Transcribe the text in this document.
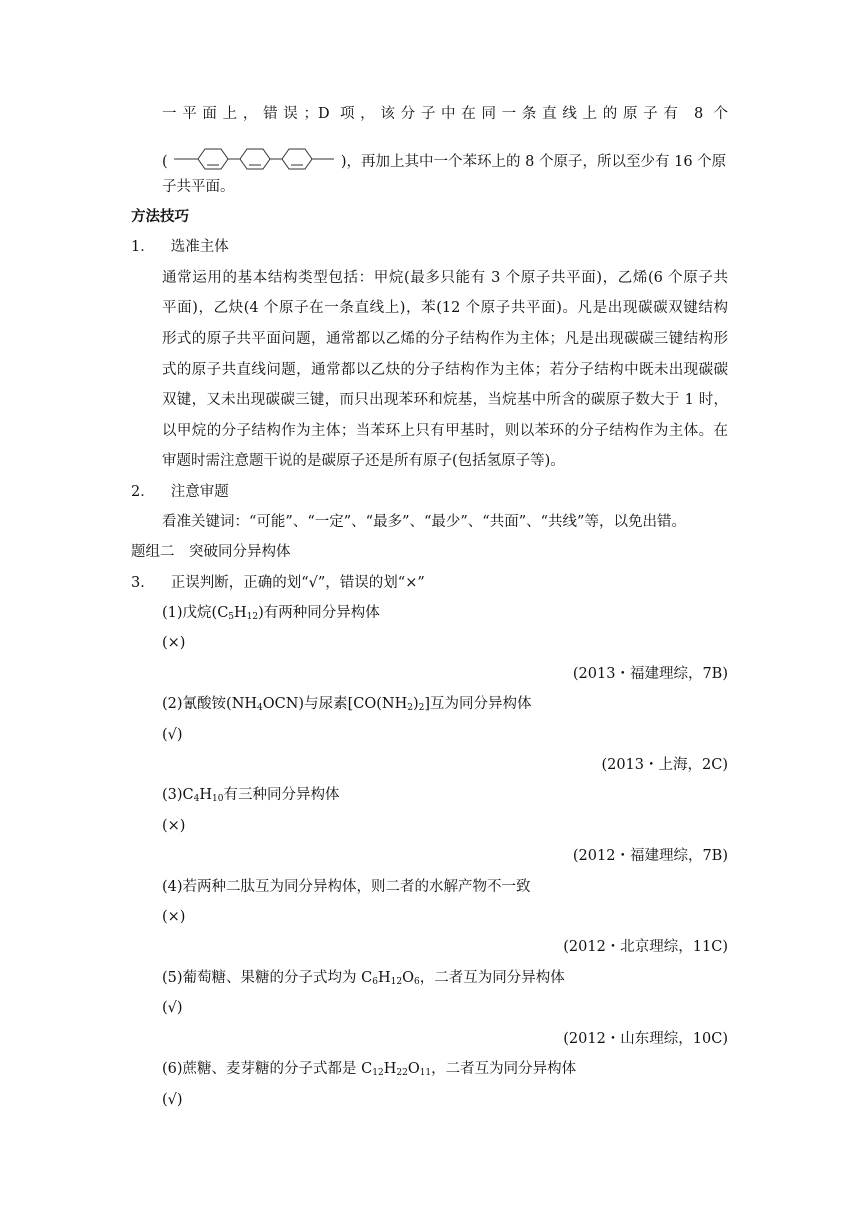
一平面上，错误；D 项，该分子中在同一条直线上的原子有 8 个
(	)，再加上其中一个苯环上的 8 个原子，所以至少有 16 个原
子共平面。
方法技巧
1． 选准主体
通常运用的基本结构类型包括：甲烷(最多只能有 3 个原子共平面)，乙烯(6 个原子共
平面)，乙炔(4 个原子在一条直线上)，苯(12 个原子共平面)。凡是出现碳碳双键结构
形式的原子共平面问题，通常都以乙烯的分子结构作为主体；凡是出现碳碳三键结构形
式的原子共直线问题，通常都以乙炔的分子结构作为主体；若分子结构中既未出现碳碳
双键，又未出现碳碳三键，而只出现苯环和烷基，当烷基中所含的碳原子数大于 1 时，
以甲烷的分子结构作为主体；当苯环上只有甲基时，则以苯环的分子结构作为主体。在
审题时需注意题干说的是碳原子还是所有原子(包括氢原子等)。
2． 注意审题
看准关键词：“可能”、“一定”、“最多”、“最少”、“共面”、“共线”等，以免出错。
题组二　突破同分异构体
3． 正误判断，正确的划“√”，错误的划“×”
(1)戊烷$(C_5H_{12})$有两种同分异构体
(×)
(2013・福建理综，7B)
(2)氰酸铵$(NH_4OCN)$与尿素$[CO(NH_2)_2]$互为同分异构体
(√)
(2013・上海，2C)
$(3)C_4H_{10}$有三种同分异构体
(×)
(2012・福建理综，7B)
(4)若两种二肽互为同分异构体，则二者的水解产物不一致
(×)
(2012・北京理综，11C)
(5)葡萄糖、果糖的分子式均为 $C_6H_{12}O_6$，二者互为同分异构体
(√)
(2012・山东理综，10C)
(6)蔗糖、麦芽糖的分子式都是 $C_{12}H_{22}O_{11}$，二者互为同分异构体
(√)
